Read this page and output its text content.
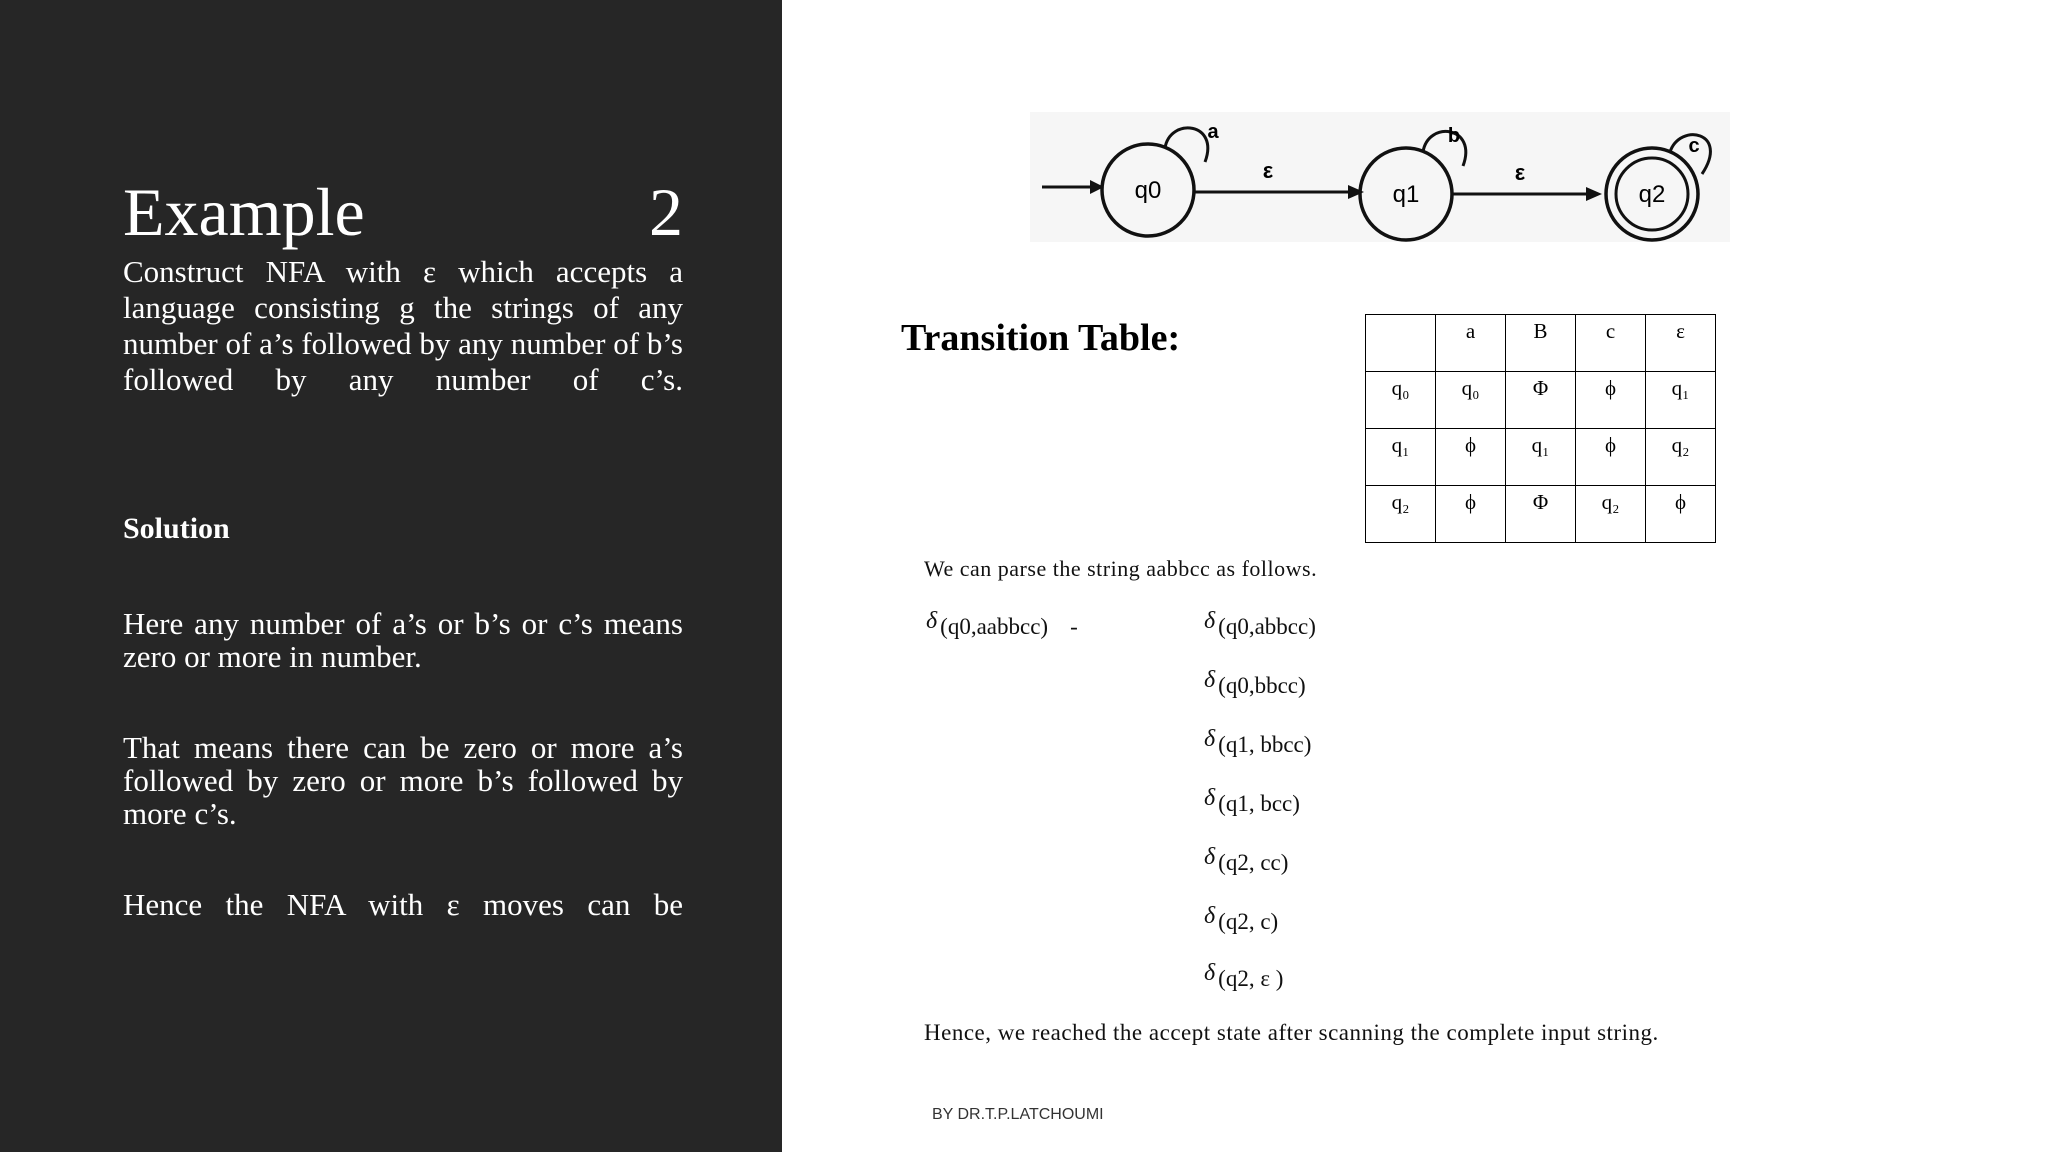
Example	2
Construct NFA with ε which accepts a language consisting g the strings of any number of a’s followed by any number of b’s followed by any number of c’s.
Solution
Here any number of a’s or b’s or c’s means zero or more in number.
That means there can be zero or more a’s followed by zero or more b’s followed by more c’s.
Hence the NFA with ε moves can be
q0
a
ε
q1
b
ε
q2
c
Transition Table:
		a	B	c	ε
q₀	q₀	Φ	ϕ	q₁
q₁	ϕ	q₁	ϕ	q₂
q₂	ϕ	Φ	q₂	ϕ
We can parse the string aabbcc as follows.
δ (q0,aabbcc) -	δ (q0,abbcc)
δ (q0,bbcc)
δ (q1, bbcc)
δ (q1, bcc)
δ (q2, cc)
δ (q2, c)
δ (q2, ε )
Hence, we reached the accept state after scanning the complete input string.
BY DR.T.P.LATCHOUMI
